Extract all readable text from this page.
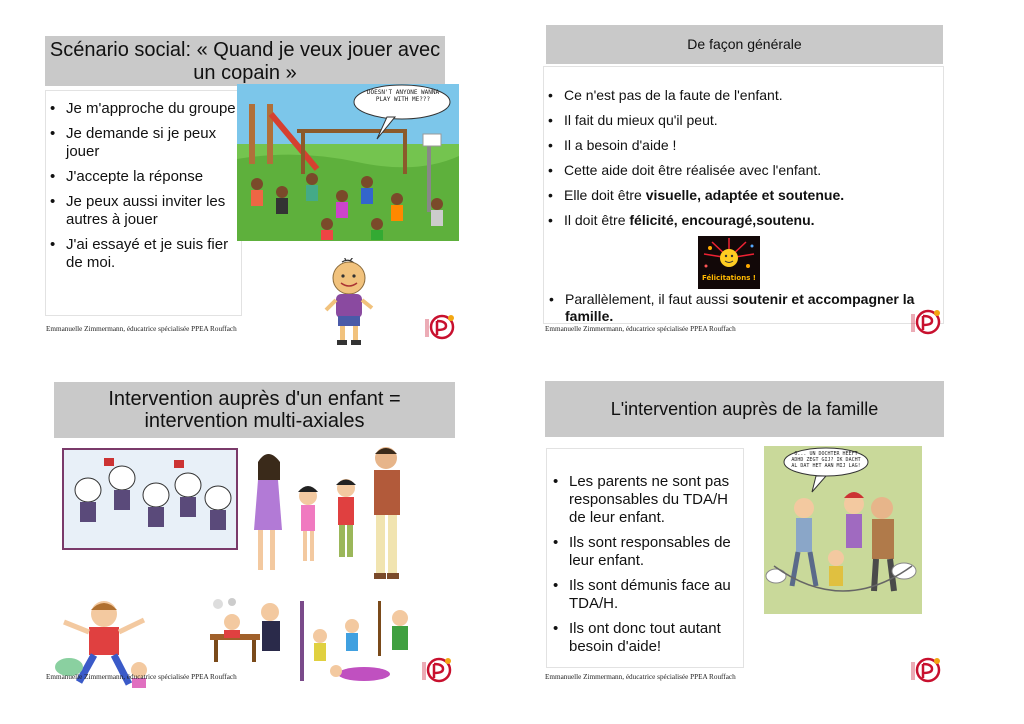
Scénario social: « Quand je veux jouer avec un copain »
• Je m'approche du groupe
• Je demande si je peux jouer
• J'accepte la réponse
• Je peux aussi inviter les autres à jouer
• J'ai essayé et je suis fier de moi.
DOESN'T ANYONE WANNA PLAY WITH ME???
Emmanuelle Zimmermann, éducatrice spécialisée PPEA Rouffach
De façon générale
• Ce n'est pas de la faute de l'enfant.
• Il fait du mieux qu'il peut.
• Il a besoin d'aide !
• Cette aide doit être réalisée avec l'enfant.
• Elle doit être visuelle, adaptée et soutenue.
• Il doit être félicité, encouragé,soutenu.
Félicitations !
• Parallèlement, il faut aussi soutenir et accompagner la famille.
Emmanuelle Zimmermann, éducatrice spécialisée PPEA Rouffach
Intervention auprès d'un enfant = intervention multi-axiales
Emmanuelle Zimmermann, éducatrice spécialisée PPEA Rouffach
L'intervention auprès de la famille
• Les parents ne sont pas responsables du TDA/H de leur enfant.
• Ils sont responsables de leur enfant.
• Ils sont démunis face au TDA/H.
• Ils ont donc tout autant besoin d'aide!
O... UN DOCHTER HEEFT ADHD ZEGT GIJ? IK DACHT AL DAT HET AAN MIJ LAG!
Emmanuelle Zimmermann, éducatrice spécialisée PPEA Rouffach
